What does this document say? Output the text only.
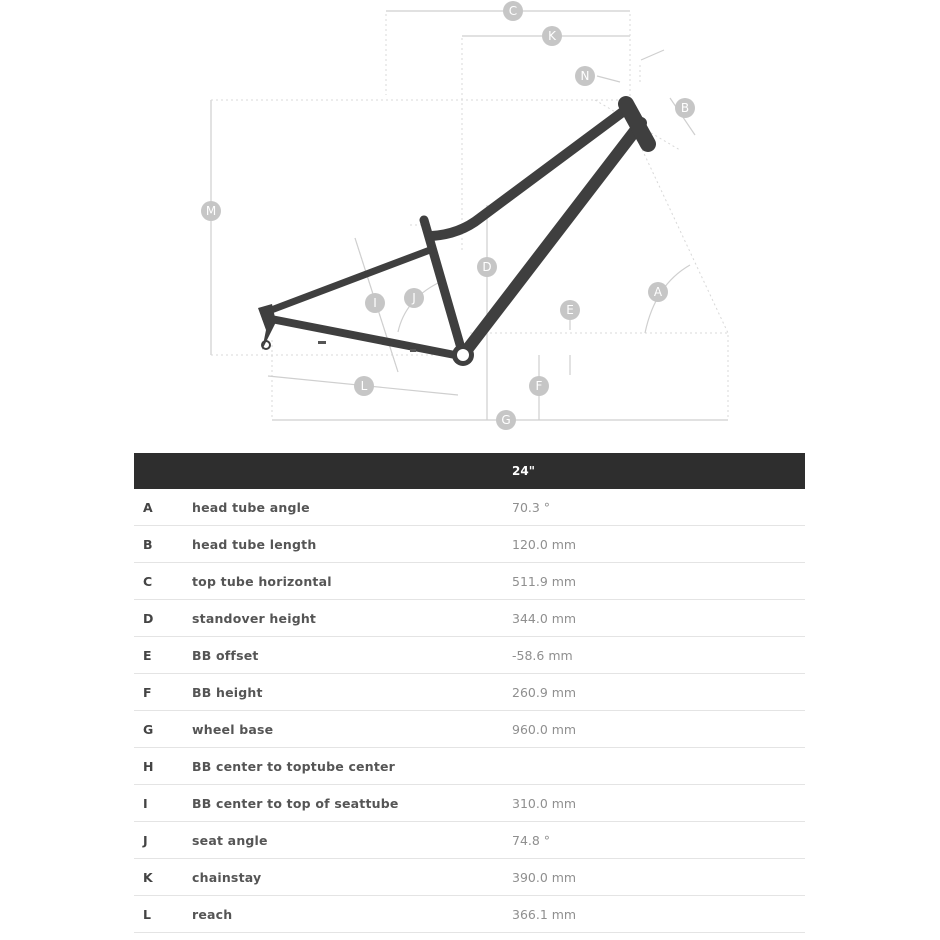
C
K
N
B
M
D
A
I	J
E
L	F
G
		24"
A	head tube angle	70.3 °
B	head tube length	120.0 mm
C	top tube horizontal	511.9 mm
D	standover height	344.0 mm
E	BB offset	-58.6 mm
F	BB height	260.9 mm
G	wheel base	960.0 mm
H	BB center to toptube center	
I	BB center to top of seattube	310.0 mm
J	seat angle	74.8 °
K	chainstay	390.0 mm
L	reach	366.1 mm
